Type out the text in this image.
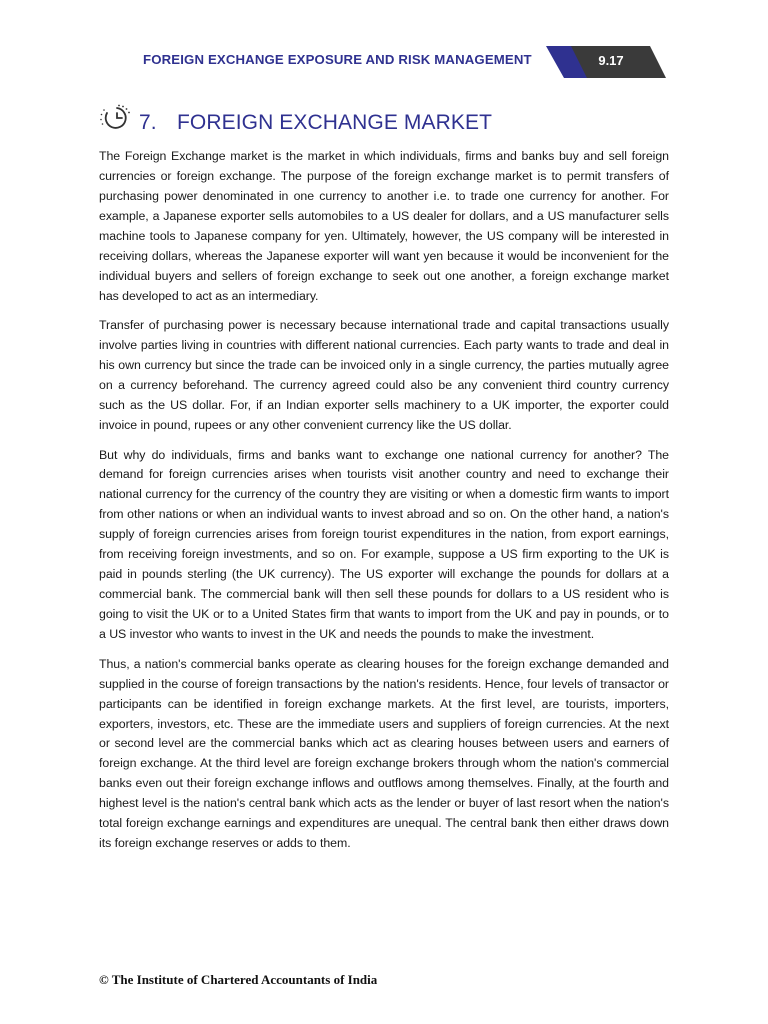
FOREIGN EXCHANGE EXPOSURE AND RISK MANAGEMENT	9.17
7. FOREIGN EXCHANGE MARKET

The Foreign Exchange market is the market in which individuals, firms and banks buy and sell foreign currencies or foreign exchange. The purpose of the foreign exchange market is to permit transfers of purchasing power denominated in one currency to another i.e. to trade one currency for another. For example, a Japanese exporter sells automobiles to a US dealer for dollars, and a US manufacturer sells machine tools to Japanese company for yen. Ultimately, however, the US company will be interested in receiving dollars, whereas the Japanese exporter will want yen because it would be inconvenient for the individual buyers and sellers of foreign exchange to seek out one another, a foreign exchange market has developed to act as an intermediary.

Transfer of purchasing power is necessary because international trade and capital transactions usually involve parties living in countries with different national currencies. Each party wants to trade and deal in his own currency but since the trade can be invoiced only in a single currency, the parties mutually agree on a currency beforehand. The currency agreed could also be any convenient third country currency such as the US dollar. For, if an Indian exporter sells machinery to a UK importer, the exporter could invoice in pound, rupees or any other convenient currency like the US dollar.

But why do individuals, firms and banks want to exchange one national currency for another? The demand for foreign currencies arises when tourists visit another country and need to exchange their national currency for the currency of the country they are visiting or when a domestic firm wants to import from other nations or when an individual wants to invest abroad and so on. On the other hand, a nation's supply of foreign currencies arises from foreign tourist expenditures in the nation, from export earnings, from receiving foreign investments, and so on. For example, suppose a US firm exporting to the UK is paid in pounds sterling (the UK currency). The US exporter will exchange the pounds for dollars at a commercial bank. The commercial bank will then sell these pounds for dollars to a US resident who is going to visit the UK or to a United States firm that wants to import from the UK and pay in pounds, or to a US investor who wants to invest in the UK and needs the pounds to make the investment.

Thus, a nation's commercial banks operate as clearing houses for the foreign exchange demanded and supplied in the course of foreign transactions by the nation's residents. Hence, four levels of transactor or participants can be identified in foreign exchange markets. At the first level, are tourists, importers, exporters, investors, etc. These are the immediate users and suppliers of foreign currencies. At the next or second level are the commercial banks which act as clearing houses between users and earners of foreign exchange. At the third level are foreign exchange brokers through whom the nation's commercial banks even out their foreign exchange inflows and outflows among themselves. Finally, at the fourth and highest level is the nation's central bank which acts as the lender or buyer of last resort when the nation's total foreign exchange earnings and expenditures are unequal. The central bank then either draws down its foreign exchange reserves or adds to them.

© The Institute of Chartered Accountants of India
